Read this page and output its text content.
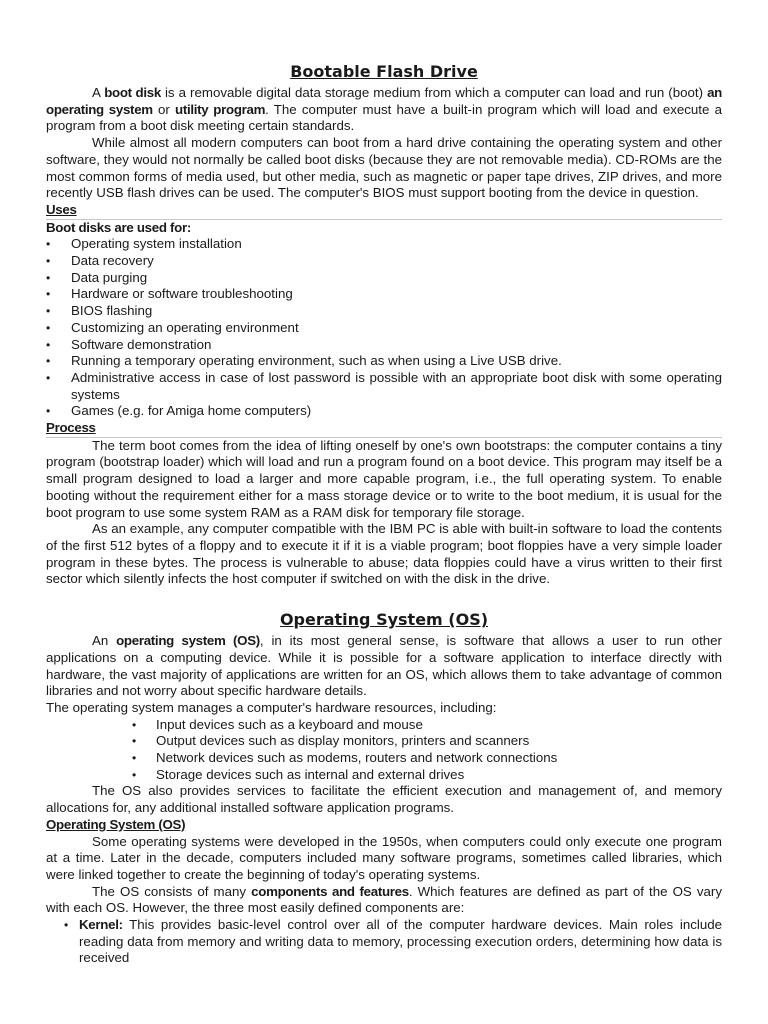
Bootable Flash Drive

A boot disk is a removable digital data storage medium from which a computer can load and run (boot) an operating system or utility program. The computer must have a built-in program which will load and execute a program from a boot disk meeting certain standards.

While almost all modern computers can boot from a hard drive containing the operating system and other software, they would not normally be called boot disks (because they are not removable media). CD-ROMs are the most common forms of media used, but other media, such as magnetic or paper tape drives, ZIP drives, and more recently USB flash drives can be used. The computer's BIOS must support booting from the device in question.

Uses
Boot disks are used for:
• Operating system installation
• Data recovery
• Data purging
• Hardware or software troubleshooting
• BIOS flashing
• Customizing an operating environment
• Software demonstration
• Running a temporary operating environment, such as when using a Live USB drive.
• Administrative access in case of lost password is possible with an appropriate boot disk with some operating systems
• Games (e.g. for Amiga home computers)
Process

The term boot comes from the idea of lifting oneself by one's own bootstraps: the computer contains a tiny program (bootstrap loader) which will load and run a program found on a boot device. This program may itself be a small program designed to load a larger and more capable program, i.e., the full operating system. To enable booting without the requirement either for a mass storage device or to write to the boot medium, it is usual for the boot program to use some system RAM as a RAM disk for temporary file storage.

As an example, any computer compatible with the IBM PC is able with built-in software to load the contents of the first 512 bytes of a floppy and to execute it if it is a viable program; boot floppies have a very simple loader program in these bytes. The process is vulnerable to abuse; data floppies could have a virus written to their first sector which silently infects the host computer if switched on with the disk in the drive.

Operating System (OS)

An operating system (OS), in its most general sense, is software that allows a user to run other applications on a computing device. While it is possible for a software application to interface directly with hardware, the vast majority of applications are written for an OS, which allows them to take advantage of common libraries and not worry about specific hardware details.

The operating system manages a computer's hardware resources, including:

• Input devices such as a keyboard and mouse
• Output devices such as display monitors, printers and scanners
• Network devices such as modems, routers and network connections
• Storage devices such as internal and external drives

The OS also provides services to facilitate the efficient execution and management of, and memory allocations for, any additional installed software application programs.

Operating System (OS)

Some operating systems were developed in the 1950s, when computers could only execute one program at a time. Later in the decade, computers included many software programs, sometimes called libraries, which were linked together to create the beginning of today's operating systems.

The OS consists of many components and features. Which features are defined as part of the OS vary with each OS. However, the three most easily defined components are:

• Kernel: This provides basic-level control over all of the computer hardware devices. Main roles include reading data from memory and writing data to memory, processing execution orders, determining how data is received
